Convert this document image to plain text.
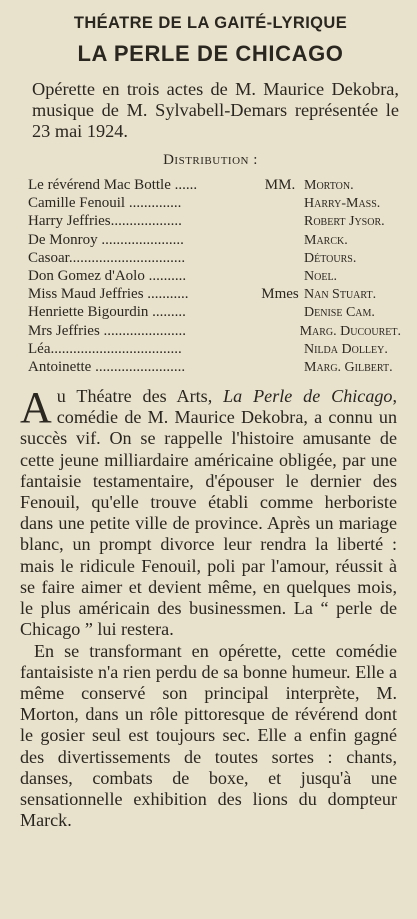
THÉATRE DE LA GAITÉ-LYRIQUE
LA PERLE DE CHICAGO
Opérette en trois actes de M. Maurice Dekobra, musique de M. Sylvabell-Demars représentée le 23 mai 1924.
Distribution :
Le révérend Mac Bottle ......	MM. Morton.
Camille Fenouil ..............	Harry-Mass.
Harry Jeffries...................	Robert Jysor.
De Monroy ......................	Marck.
Casoar...............................	Détours.
Don Gomez d'Aolo ..........	Noel.
Miss Maud Jeffries ...........	Mmes Nan Stuart.
Henriette Bigourdin .........	Denise Cam.
Mrs Jeffries ......................	Marg. Ducouret.
Léa...................................	Nilda Dolley.
Antoinette ........................	Marg. Gilbert.
Au Théatre des Arts, La Perle de Chicago, comédie de M. Maurice Dekobra, a connu un succès vif. On se rappelle l'histoire amusante de cette jeune milliardaire américaine obligée, par une fantaisie testamentaire, d'épouser le dernier des Fenouil, qu'elle trouve établi comme herboriste dans une petite ville de province. Après un mariage blanc, un prompt divorce leur rendra la liberté : mais le ridicule Fenouil, poli par l'amour, réussit à se faire aimer et devient même, en quelques mois, le plus américain des businessmen. La “ perle de Chicago ” lui restera.
En se transformant en opérette, cette comédie fantaisiste n'a rien perdu de sa bonne humeur. Elle a même conservé son principal interprète, M. Morton, dans un rôle pittoresque de révérend dont le gosier seul est toujours sec. Elle a enfin gagné des divertissements de toutes sortes : chants, danses, combats de boxe, et jusqu'à une sensationnelle exhibition des lions du dompteur Marck.
